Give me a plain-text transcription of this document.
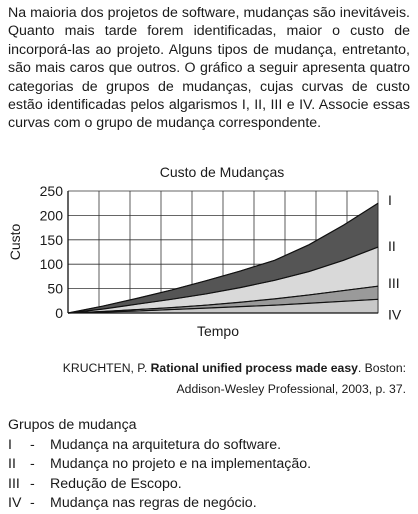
Na maioria dos projetos de software, mudanças são inevitáveis. Quanto mais tarde forem identificadas, maior o custo de incorporá-las ao projeto. Alguns tipos de mudança, entretanto, são mais caros que outros. O gráfico a seguir apresenta quatro categorias de grupos de mudanças, cujas curvas de custo estão identificadas pelos algarismos I, II, III e IV. Associe essas curvas com o grupo de mudança correspondente.

Custo de Mudanças
0
50
100
150
200
250
I
II
III
IV
Tempo
Custo
KRUCHTEN, P. Rational unified process made easy. Boston:
Addison-Wesley Professional, 2003, p. 37.
Grupos de mudança
I	-	Mudança na arquitetura do software.
II -	Mudança no projeto e na implementação.
III -	Redução de Escopo.
IV -	Mudança nas regras de negócio.
